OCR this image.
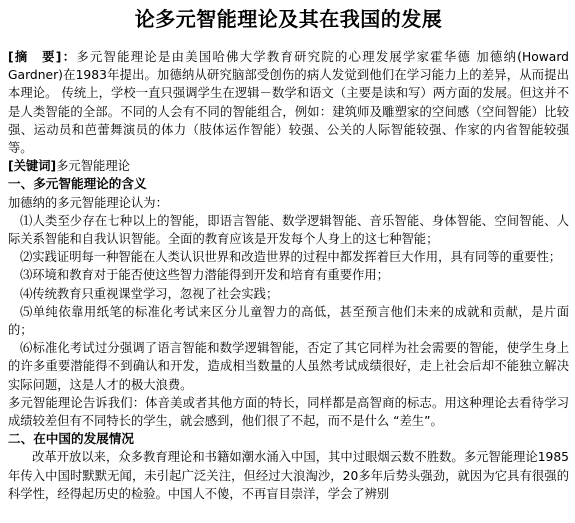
论多元智能理论及其在我国的发展

[摘　要]：多元智能理论是由美国哈佛大学教育研究院的心理发展学家霍华德 加德纳(Howard Gardner)在1983年提出。加德纳从研究脑部受创伤的病人发觉到他们在学习能力上的差异，从而提出本理论。 传统上，学校一直只强调学生在逻辑－数学和语文（主要是读和写）两方面的发展。但这并不是人类智能的全部。不同的人会有不同的智能组合，例如：建筑师及雕塑家的空间感（空间智能）比较强、运动员和芭蕾舞演员的体力（肢体运作智能）较强、公关的人际智能较强、作家的内省智能较强等。

[关键词]多元智能理论

一、多元智能理论的含义

加德纳的多元智能理论认为：

⑴人类至少存在七种以上的智能，即语言智能、数学逻辑智能、音乐智能、身体智能、空间智能、人际关系智能和自我认识智能。全面的教育应该是开发每个人身上的这七种智能；

⑵实践证明每一种智能在人类认识世界和改造世界的过程中都发挥着巨大作用，具有同等的重要性；

⑶环境和教育对于能否使这些智力潜能得到开发和培育有重要作用；

⑷传统教育只重视课堂学习，忽视了社会实践；

⑸单纯依靠用纸笔的标准化考试来区分儿童智力的高低，甚至预言他们未来的成就和贡献，是片面的；

⑹标准化考试过分强调了语言智能和数学逻辑智能，否定了其它同样为社会需要的智能，使学生身上的许多重要潜能得不到确认和开发，造成相当数量的人虽然考试成绩很好，走上社会后却不能独立解决实际问题，这是人才的极大浪费。

多元智能理论告诉我们：体音美或者其他方面的特长，同样都是高智商的标志。用这种理论去看待学习成绩较差但有不同特长的学生，就会感到，他们很了不起，而不是什么 “差生”。

二、在中国的发展情况

改革开放以来，众多教育理论和书籍如潮水涌入中国，其中过眼烟云数不胜数。多元智能理论1985年传入中国时默默无闻，未引起广泛关注，但经过大浪淘沙，20多年后势头强劲，就因为它具有很强的科学性，经得起历史的检验。中国人不傻，不再盲目崇洋，学会了辨别
